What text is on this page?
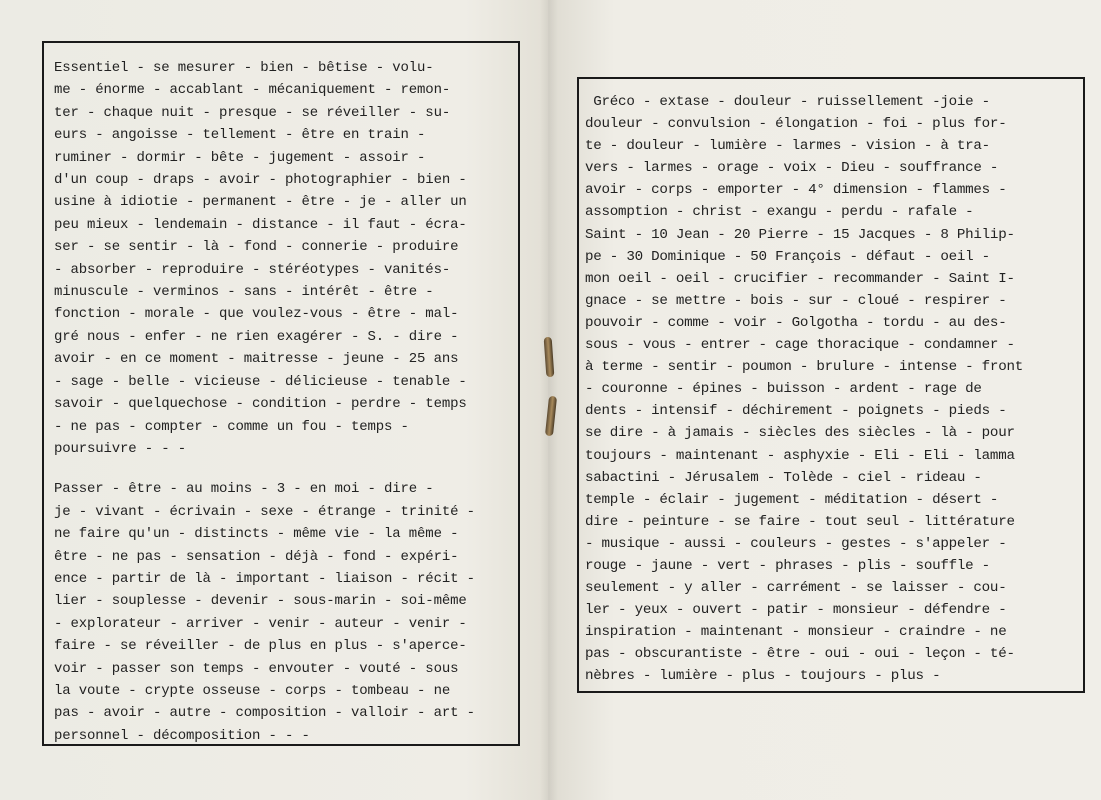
Essentiel - se mesurer - bien - bêtise - volu-
me - énorme - accablant - mécaniquement - remon-
ter - chaque nuit - presque - se réveiller - su-
eurs - angoisse - tellement - être en train -
ruminer - dormir - bête - jugement - assoir -
d'un coup - draps - avoir - photographier - bien -
usine à idiotie - permanent - être - je - aller un
peu mieux - lendemain - distance - il faut - écra-
ser - se sentir - là - fond - connerie - produire
- absorber - reproduire - stéréotypes - vanités-
minuscule - verminos - sans - intérêt - être -
fonction - morale - que voulez-vous - être - mal-
gré nous - enfer - ne rien exagérer - S. - dire -
avoir - en ce moment - maitresse - jeune - 25 ans
- sage - belle - vicieuse - délicieuse - tenable -
savoir - quelquechose - condition - perdre - temps
- ne pas - compter - comme un fou - temps -
poursuivre - - -
Passer - être - au moins - 3 - en moi - dire -
je - vivant - écrivain - sexe - étrange - trinité -
ne faire qu'un - distincts - même vie - la même -
être - ne pas - sensation - déjà - fond - expéri-
ence - partir de là - important - liaison - récit -
lier - souplesse - devenir - sous-marin - soi-même
- explorateur - arriver - venir - auteur - venir -
faire - se réveiller - de plus en plus - s'aperce-
voir - passer son temps - envouter - vouté - sous
la voute - crypte osseuse - corps - tombeau - ne
pas - avoir - autre - composition - valloir - art -
personnel - décomposition - - -
Gréco - extase - douleur - ruissellement -joie -
douleur - convulsion - élongation - foi - plus for-
te - douleur - lumière - larmes - vision - à tra-
vers - larmes - orage - voix - Dieu - souffrance -
avoir - corps - emporter - 4° dimension - flammes -
assomption - christ - exangu - perdu - rafale -
Saint - 10 Jean - 20 Pierre - 15 Jacques - 8 Philip-
pe - 30 Dominique - 50 François - défaut - oeil -
mon oeil - oeil - crucifier - recommander - Saint I-
gnace - se mettre - bois - sur - cloué - respirer -
pouvoir - comme - voir - Golgotha - tordu - au des-
sous - vous - entrer - cage thoracique - condamner -
à terme - sentir - poumon - brulure - intense - front
- couronne - épines - buisson - ardent - rage de
dents - intensif - déchirement - poignets - pieds -
se dire - à jamais - siècles des siècles - là - pour
toujours - maintenant - asphyxie - Eli - Eli - lamma
sabactini - Jérusalem - Tolède - ciel - rideau -
temple - éclair - jugement - méditation - désert -
dire - peinture - se faire - tout seul - littérature
- musique - aussi - couleurs - gestes - s'appeler -
rouge - jaune - vert - phrases - plis - souffle -
seulement - y aller - carrément - se laisser - cou-
ler - yeux - ouvert - patir - monsieur - défendre -
inspiration - maintenant - monsieur - craindre - ne
pas - obscurantiste - être - oui - oui - leçon - té-
nèbres - lumière - plus - toujours - plus -
